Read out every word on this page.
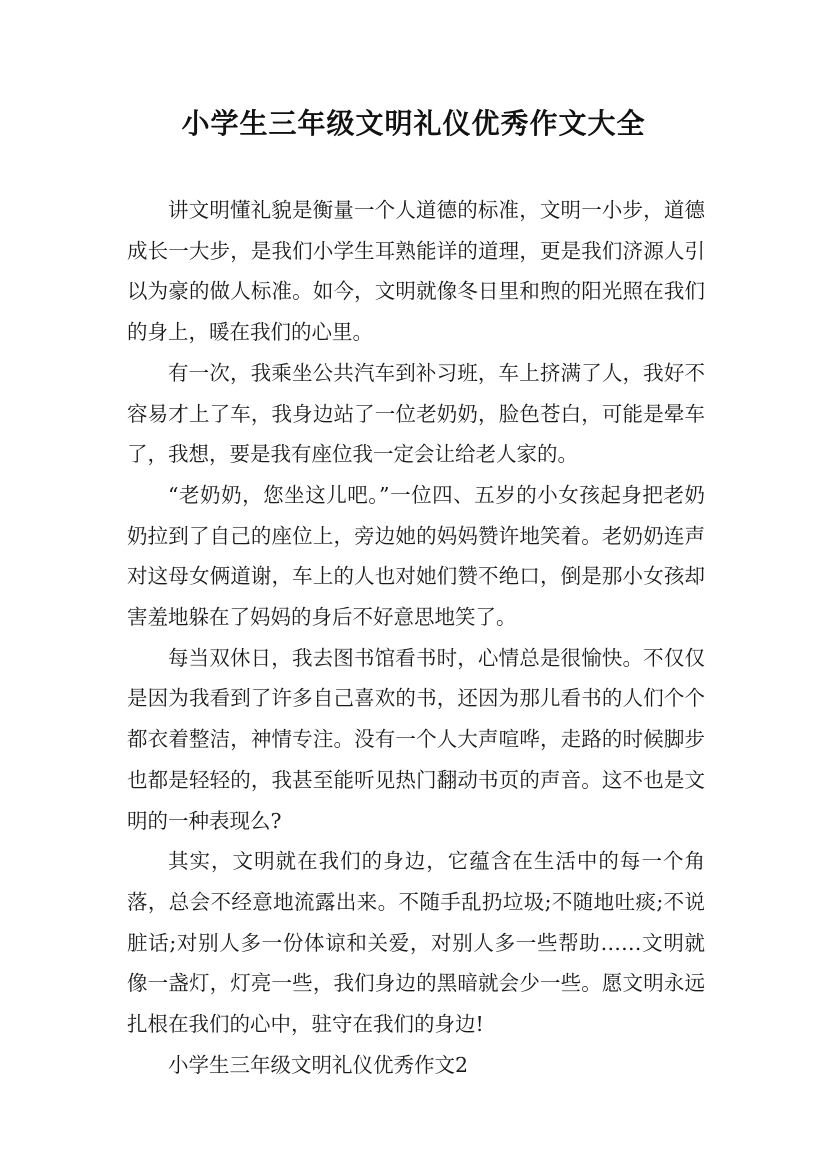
小学生三年级文明礼仪优秀作文大全

讲文明懂礼貌是衡量一个人道德的标准，文明一小步，道德成长一大步，是我们小学生耳熟能详的道理，更是我们济源人引以为豪的做人标准。如今，文明就像冬日里和煦的阳光照在我们的身上，暖在我们的心里。

有一次，我乘坐公共汽车到补习班，车上挤满了人，我好不容易才上了车，我身边站了一位老奶奶，脸色苍白，可能是晕车了，我想，要是我有座位我一定会让给老人家的。

“老奶奶，您坐这儿吧。”一位四、五岁的小女孩起身把老奶奶拉到了自己的座位上，旁边她的妈妈赞许地笑着。老奶奶连声对这母女俩道谢，车上的人也对她们赞不绝口，倒是那小女孩却害羞地躲在了妈妈的身后不好意思地笑了。

每当双休日，我去图书馆看书时，心情总是很愉快。不仅仅是因为我看到了许多自己喜欢的书，还因为那儿看书的人们个个都衣着整洁，神情专注。没有一个人大声喧哗，走路的时候脚步也都是轻轻的，我甚至能听见热门翻动书页的声音。这不也是文明的一种表现么?

其实，文明就在我们的身边，它蕴含在生活中的每一个角落，总会不经意地流露出来。不随手乱扔垃圾;不随地吐痰;不说脏话;对别人多一份体谅和关爱，对别人多一些帮助……文明就像一盏灯，灯亮一些，我们身边的黑暗就会少一些。愿文明永远扎根在我们的心中，驻守在我们的身边!

小学生三年级文明礼仪优秀作文2
